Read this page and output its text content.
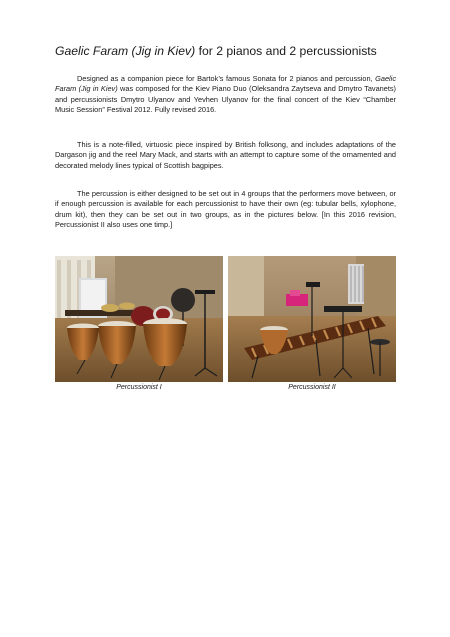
Gaelic Faram (Jig in Kiev) for 2 pianos and 2 percussionists

Designed as a companion piece for Bartok’s famous Sonata for 2 pianos and percussion, Gaelic Faram (Jig in Kiev) was composed for the Kiev Piano Duo (Oleksandra Zaytseva and Dmytro Tavanets) and percussionists Dmytro Ulyanov and Yevhen Ulyanov for the final concert of the Kiev “Chamber Music Session” Festival 2012. Fully revised 2016.

This is a note-filled, virtuosic piece inspired by British folksong, and includes adaptations of the Dargason jig and the reel Mary Mack, and starts with an attempt to capture some of the ornamented and decorated melody lines typical of Scottish bagpipes.

The percussion is either designed to be set out in 4 groups that the performers move between, or if enough percussion is available for each percussionist to have their own (eg: tubular bells, xylophone, drum kit), then they can be set out in two groups, as in the pictures below. [In this 2016 revision, Percussionist II also uses one timp.]

Percussionist I	Percussionist II
